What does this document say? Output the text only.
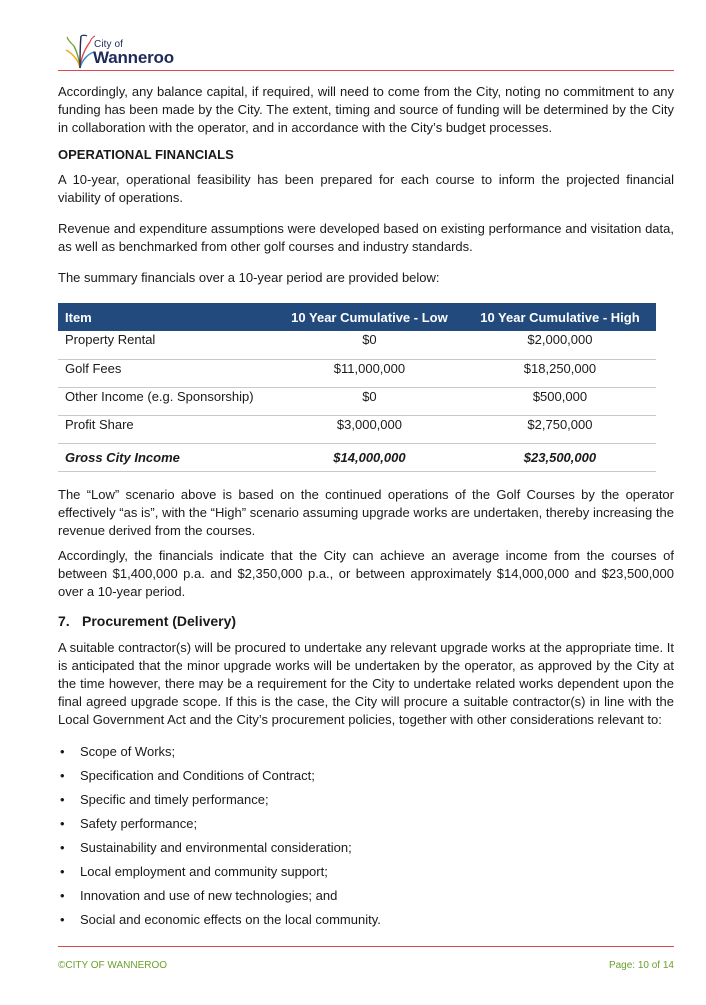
City of
Wanneroo

Accordingly, any balance capital, if required, will need to come from the City, noting no commitment to any funding has been made by the City. The extent, timing and source of funding will be determined by the City in collaboration with the operator, and in accordance with the City’s budget processes.

OPERATIONAL FINANCIALS

A 10-year, operational feasibility has been prepared for each course to inform the projected financial viability of operations.

Revenue and expenditure assumptions were developed based on existing performance and visitation data, as well as benchmarked from other golf courses and industry standards.

The summary financials over a 10-year period are provided below:

Item	10 Year Cumulative - Low	10 Year Cumulative - High
Property Rental	$0	$2,000,000
Golf Fees	$11,000,000	$18,250,000
Other Income (e.g. Sponsorship)	$0	$500,000
Profit Share	$3,000,000	$2,750,000
Gross City Income	$14,000,000	$23,500,000

The “Low” scenario above is based on the continued operations of the Golf Courses by the operator effectively “as is”, with the “High” scenario assuming upgrade works are undertaken, thereby increasing the revenue derived from the courses.

Accordingly, the financials indicate that the City can achieve an average income from the courses of between $1,400,000 p.a. and $2,350,000 p.a., or between approximately $14,000,000 and $23,500,000 over a 10-year period.

7. Procurement (Delivery)

A suitable contractor(s) will be procured to undertake any relevant upgrade works at the appropriate time. It is anticipated that the minor upgrade works will be undertaken by the operator, as approved by the City at the time however, there may be a requirement for the City to undertake related works dependent upon the final agreed upgrade scope. If this is the case, the City will procure a suitable contractor(s) in line with the Local Government Act and the City’s procurement policies, together with other considerations relevant to:

• Scope of Works;
• Specification and Conditions of Contract;
• Specific and timely performance;
• Safety performance;
• Sustainability and environmental consideration;
• Local employment and community support;
• Innovation and use of new technologies; and
• Social and economic effects on the local community.
©CITY OF WANNEROO	Page: 10 of 14
